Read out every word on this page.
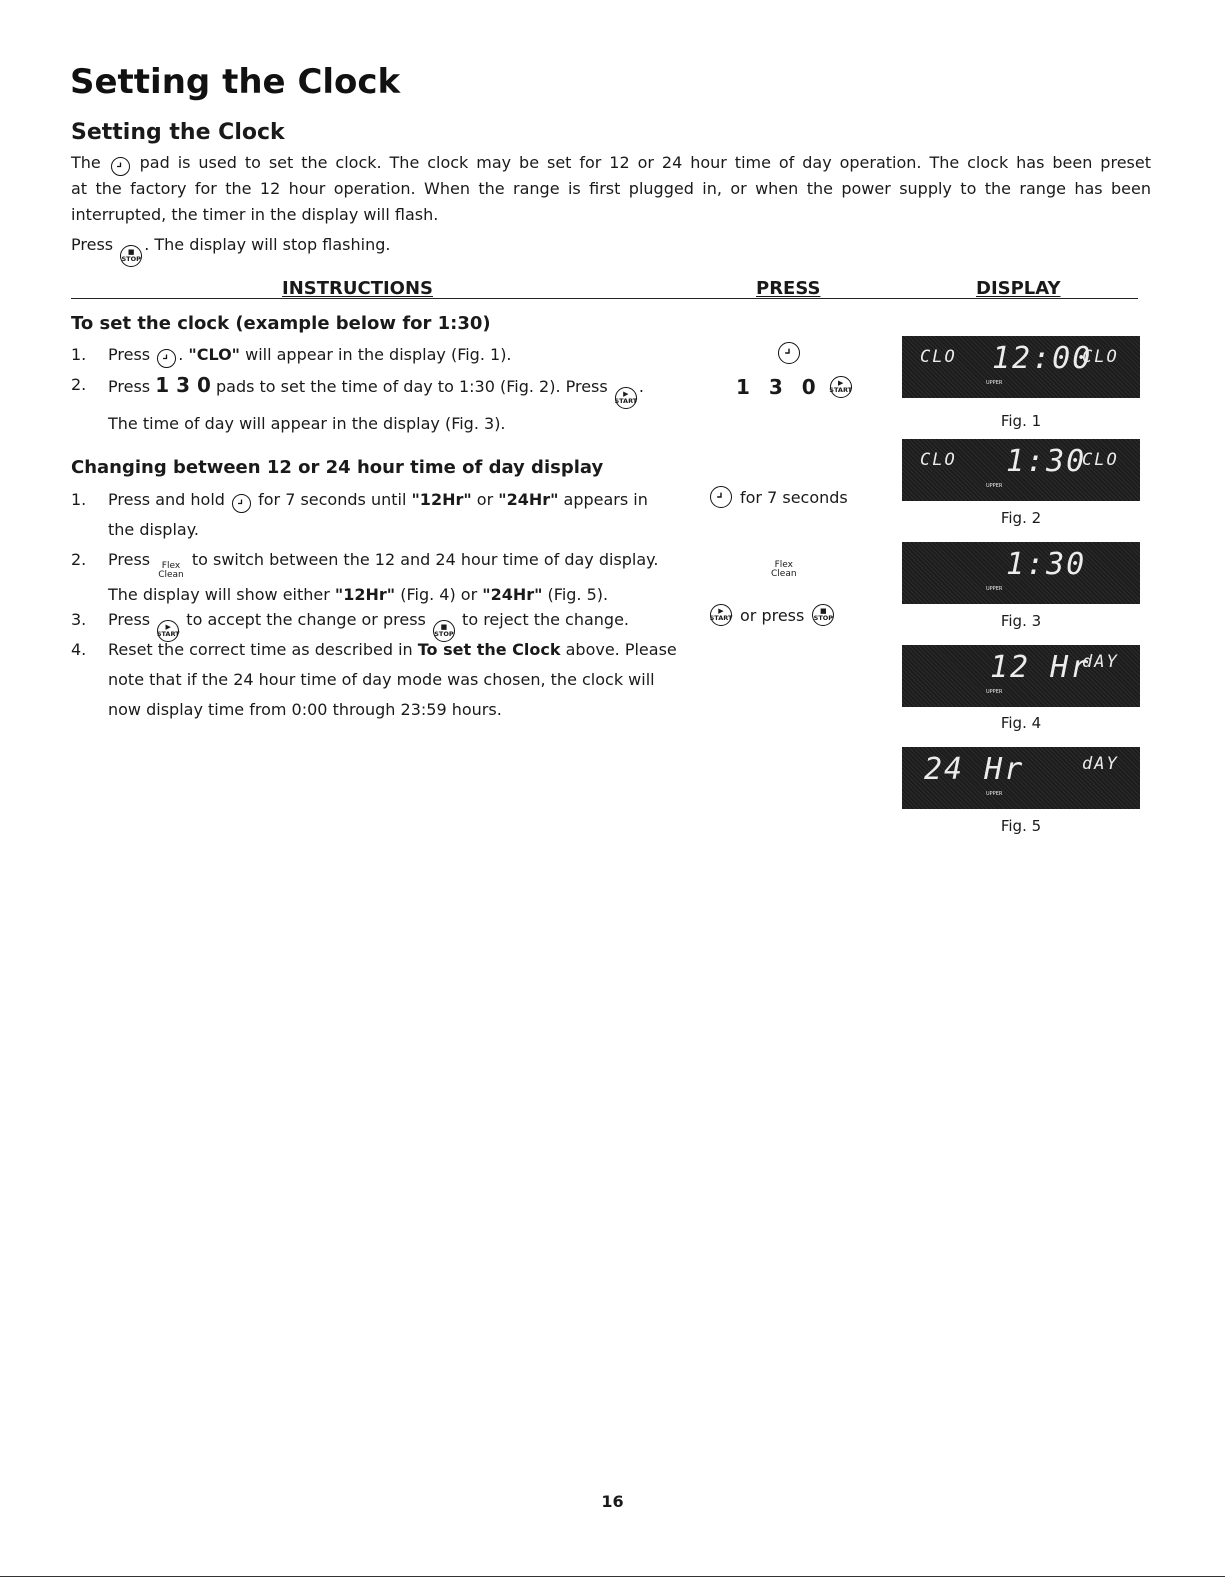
Setting the Clock
Setting the Clock
The pad is used to set the clock. The clock may be set for 12 or 24 hour time of day operation. The clock has been preset
at the factory for the 12 hour operation. When the range is first plugged in, or when the power supply to the range has been
interrupted, the timer in the display will flash.
Press ■
STOP
. The display will stop flashing.
INSTRUCTIONS	PRESS	DISPLAY
To set the clock (example below for 1:30)
1. Press . "CLO" will appear in the display (Fig. 1).
2. Press 1 3 0 pads to set the time of day to 1:30 (Fig. 2). Press ▶
START
.
The time of day will appear in the display (Fig. 3).
1 3 0 ▶
START
Changing between 12 or 24 hour time of day display
1. Press and hold
for 7 seconds until "12Hr" or "24Hr" appears in
the display.
2. Press Flex
Clean
to switch between the 12 and 24 hour time of day display.
The display will show either "12Hr" (Fig. 4) or "24Hr" (Fig. 5).
3. Press ▶
START
to accept the change or press ■
STOP
to reject the change.
4. Reset the correct time as described in To set the Clock above. Please
note that if the 24 hour time of day mode was chosen, the clock will
now display time from 0:00 through 23:59 hours.
for 7 seconds
Flex
Clean
▶
START or press ■
STOP
CLO 12:00
CLO
UPPER
Fig. 1
CLO 1:30
CLO
UPPER
Fig. 2
1:30
UPPER
Fig. 3
12 Hr
dAY
UPPER
Fig. 4
24 Hr	dAY
UPPER
Fig. 5
16
